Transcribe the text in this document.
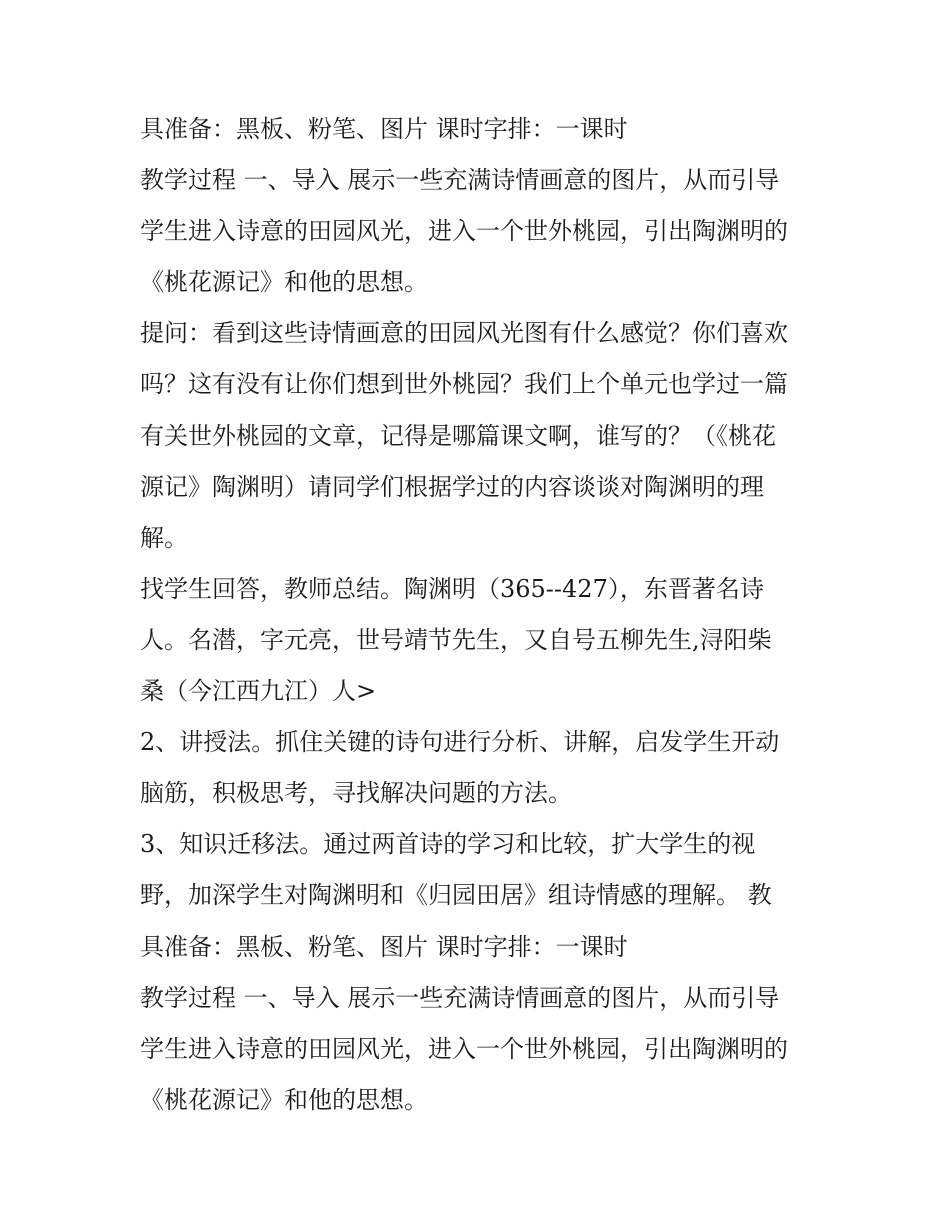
具准备：黑板、粉笔、图片 课时字排：一课时
教学过程 一、导入 展示一些充满诗情画意的图片，从而引导
学生进入诗意的田园风光，进入一个世外桃园，引出陶渊明的
《桃花源记》和他的思想。
提问：看到这些诗情画意的田园风光图有什么感觉？你们喜欢
吗？这有没有让你们想到世外桃园？我们上个单元也学过一篇
有关世外桃园的文章，记得是哪篇课文啊，谁写的？（《桃花
源记》陶渊明）请同学们根据学过的内容谈谈对陶渊明的理
解。
找学生回答，教师总结。陶渊明（365--427），东晋著名诗
人。名潜，字元亮，世号靖节先生，又自号五柳先生,浔阳柴
桑（今江西九江）人>
2、讲授法。抓住关键的诗句进行分析、讲解，启发学生开动
脑筋，积极思考，寻找解决问题的方法。
3、知识迁移法。通过两首诗的学习和比较，扩大学生的视
野，加深学生对陶渊明和《归园田居》组诗情感的理解。 教
具准备：黑板、粉笔、图片 课时字排：一课时
教学过程 一、导入 展示一些充满诗情画意的图片，从而引导
学生进入诗意的田园风光，进入一个世外桃园，引出陶渊明的
《桃花源记》和他的思想。
